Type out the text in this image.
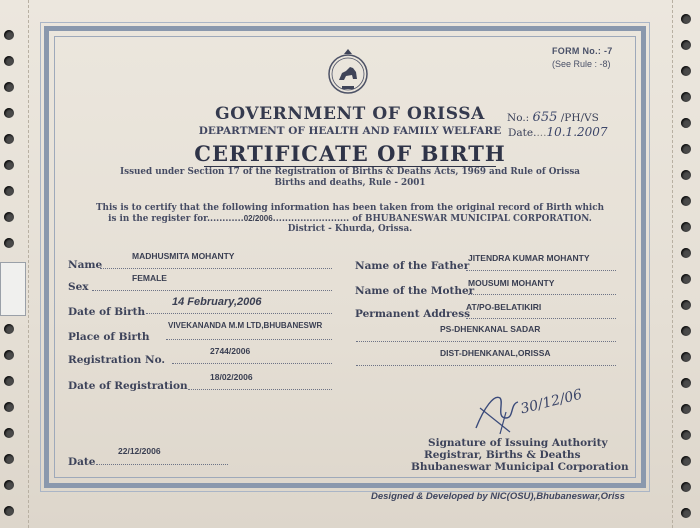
FORM No.: -7
(See Rule : -8)
GOVERNMENT OF ORISSA
DEPARTMENT OF HEALTH AND FAMILY WELFARE
CERTIFICATE OF BIRTH
No.: 655 /PH/VS
Date....10.1.2007
Issued under Section 17 of the Registration of Births & Deaths Acts, 1969 and Rule of Orissa
Births and deaths, Rule - 2001
This is to certify that the following information has been taken from the original record of Birth which
is in the register for............02/2006......................... of BHUBANESWAR MUNICIPAL CORPORATION.
District - Khurda, Orissa.
MADHUSMITA MOHANTY
Name
FEMALE
Sex
14 February,2006
Date of Birth
VIVEKANANDA M.M LTD,BHUBANESWR
Place of Birth
2744/2006
Registration No.
18/02/2006
Date of Registration
22/12/2006
Date
JITENDRA KUMAR MOHANTY
Name of the Father
MOUSUMI MOHANTY
Name of the Mother
AT/PO-BELATIKIRI
Permanent Address
PS-DHENKANAL SADAR
DIST-DHENKANAL,ORISSA
30/12/06
Signature of Issuing Authority
Registrar, Births & Deaths
Bhubaneswar Municipal Corporation
Designed & Developed by NIC(OSU),Bhubaneswar,Oriss
